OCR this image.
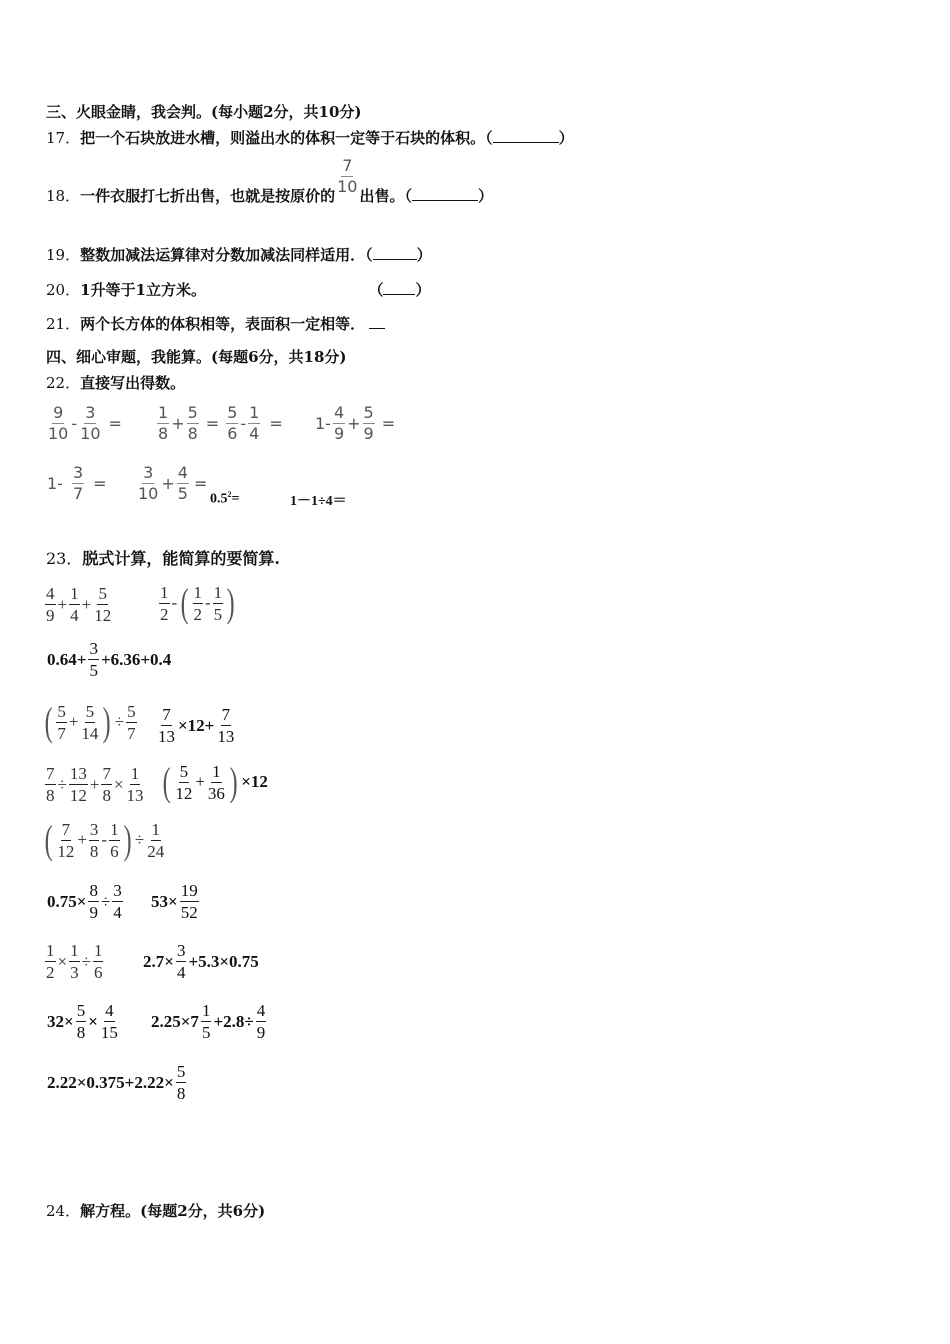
三、火眼金睛，我会判。(每小题2分，共10分)
17．把一个石块放进水槽，则溢出水的体积一定等于石块的体积。（	）
18．一件衣服打七折出售，也就是按原价的
$\frac{7}{10}$
出售。（	）
19．整数加减法运算律对分数加减法同样适用．（	）
20．1升等于1立方米。	（ ）
21．两个长方体的体积相等，表面积一定相等．
四、细心审题，我能算。(每题6分，共18分)
22．直接写出得数。
$\frac{9}{10} - \frac{3}{10} = \frac{1}{8} + \frac{5}{8} = \frac{5}{6} - \frac{1}{4} = 1- \frac{4}{9} + \frac{5}{9}$ =
$1- \frac{3}{7} = \frac{3}{10} + \frac{4}{5}$ =
$0.5^2=$	1－1÷4＝
23．脱式计算，能简算的要简算.
$\frac{4}{9} + \frac{1}{4} + \frac{5}{12}$	$\frac{1}{2}$ -( $\frac{1}{2} - \frac{1}{5}$ )
$0.64+ \frac{3}{5} +6.36+0.4$
( $\frac{5}{7} + \frac{5}{14}$ ) ÷ $\frac{5}{7} \frac{7}{13} \times 12+ \frac{7}{13}$
$\frac{7}{8} \div \frac{13}{12} + \frac{7}{8} \times \frac{1}{13}$ ( $\frac{5}{12} + \frac{1}{36}$ ) ×12
( $\frac{7}{12} + \frac{3}{8} - \frac{1}{6}$ ) ÷ $\frac{1}{24}$
$0.75\times \frac{8}{9} \div \frac{3}{4} 53\times \frac{19}{52}$
$\frac{1}{2} \times \frac{1}{3} \div \frac{1}{6} 2.7\times \frac{3}{4} +5.3\times 0.75$
$32\times \frac{5}{8} \times \frac{4}{15} 2.25\times 7 \frac{1}{5} +2.8\div \frac{4}{9}$
$2.22\times 0.375+2.22\times \frac{5}{8}$
24．解方程。(每题2分，共6分)
